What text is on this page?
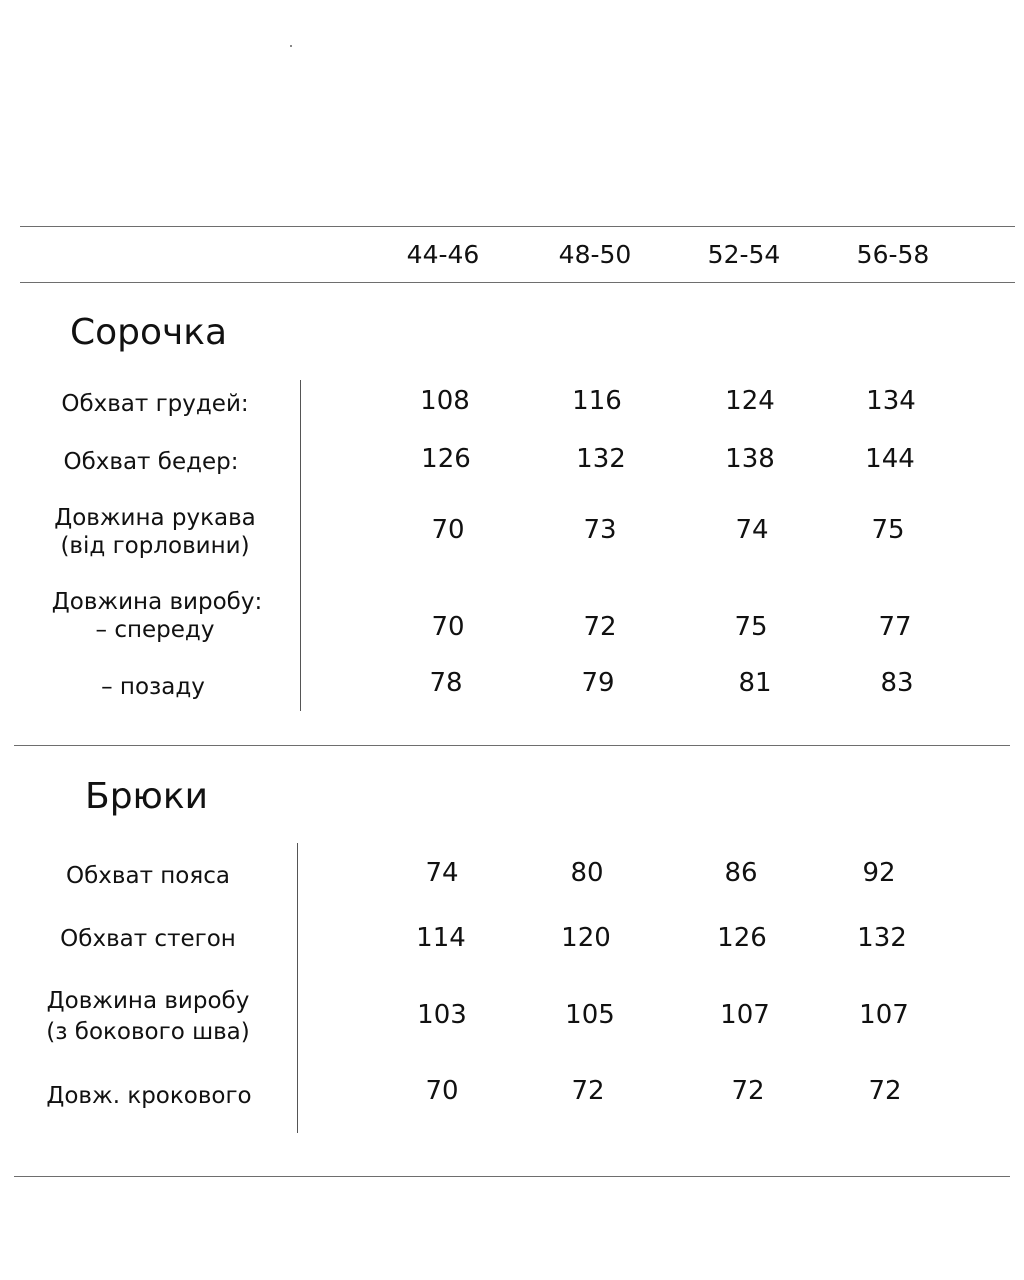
44-46	48-50	52-54	56-58
Сорочка
Обхват грудей:	108	116	124	134
Обхват бедер:	126	132	138	144
Довжина рукава
(від горловини)
70	73	74	75
Довжина виробу:
– спереду	70	72	75	77
– позаду	78	79	81	83
Брюки
Обхват пояса	74	80	86	92
Обхват стегон	114	120	126	132
Довжина виробу
(з бокового шва)
103	105	107	107
Довж. крокового	70	72	72	72
